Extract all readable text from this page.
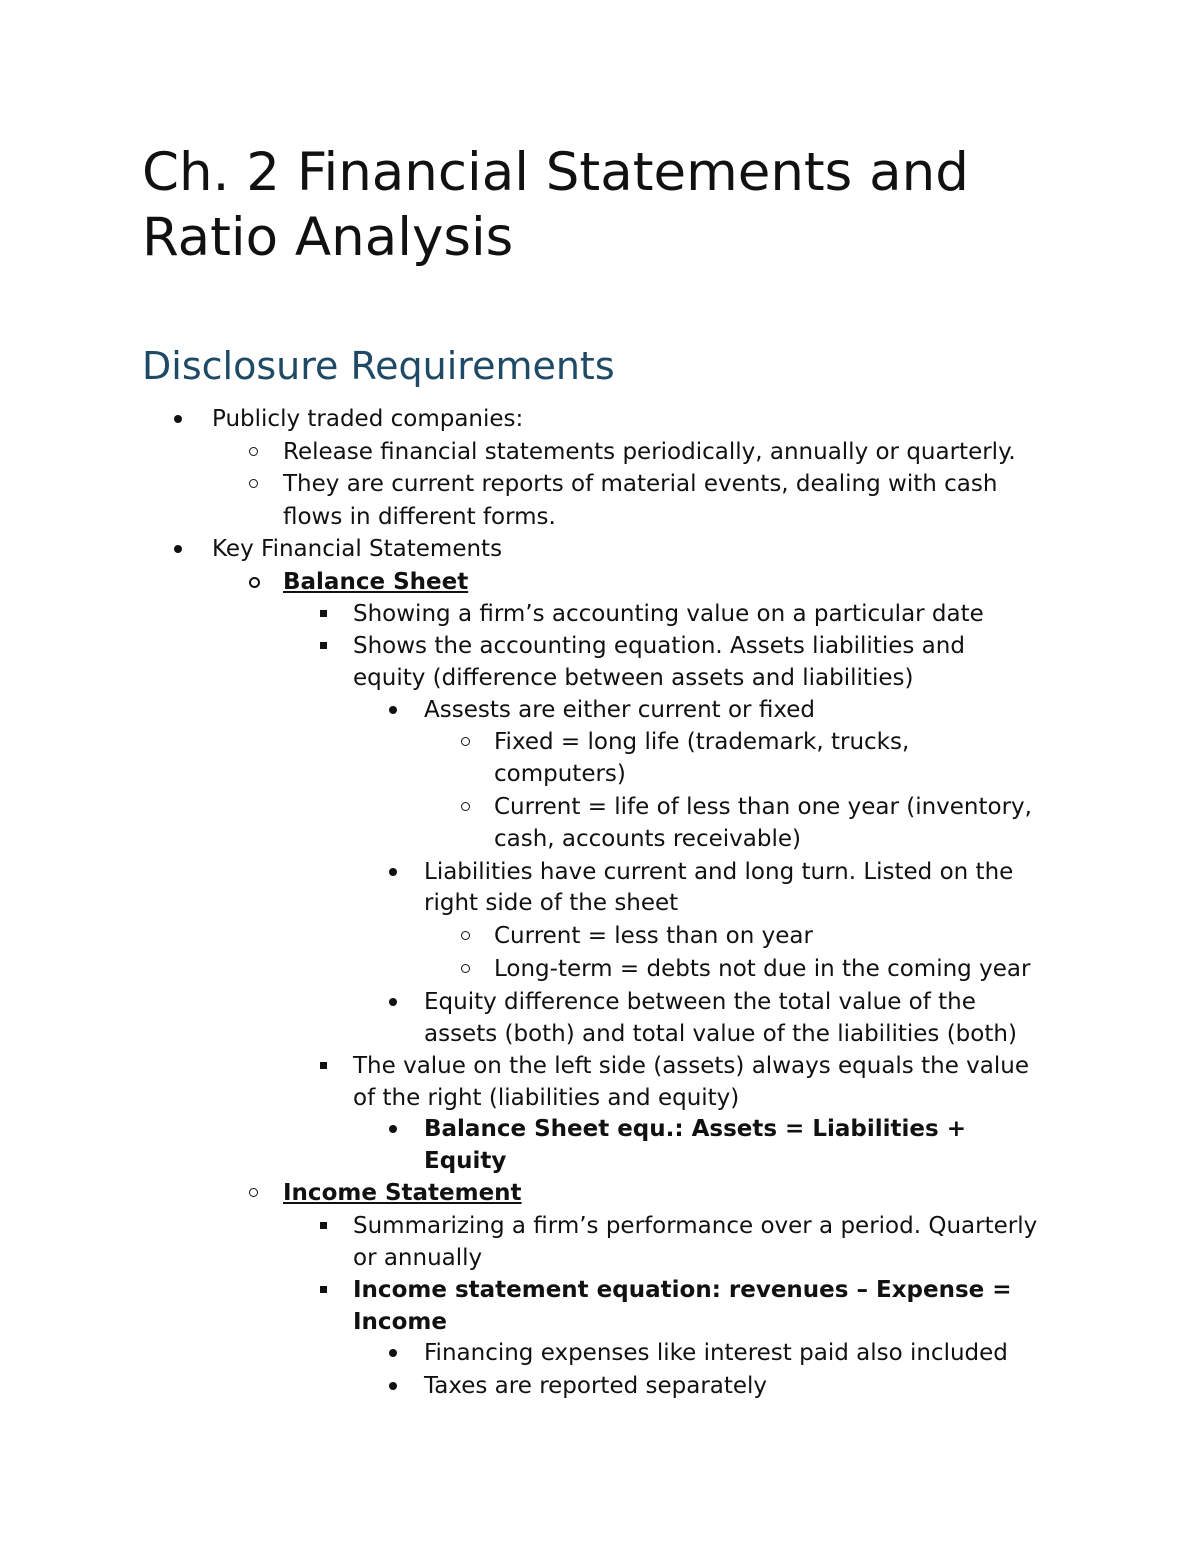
Ch. 2 Financial Statements and Ratio Analysis
Disclosure Requirements
Publicly traded companies:
Release financial statements periodically, annually or quarterly.
They are current reports of material events, dealing with cash
flows in different forms.
Key Financial Statements
Balance Sheet
Showing a firm’s accounting value on a particular date
Shows the accounting equation. Assets liabilities and
equity (difference between assets and liabilities)
Assests are either current or fixed
Fixed = long life (trademark, trucks,
computers)
Current = life of less than one year (inventory,
cash, accounts receivable)
Liabilities have current and long turn. Listed on the
right side of the sheet
Current = less than on year
Long-term = debts not due in the coming year
Equity difference between the total value of the
assets (both) and total value of the liabilities (both)
The value on the left side (assets) always equals the value
of the right (liabilities and equity)
Balance Sheet equ.: Assets = Liabilities +
Equity
Income Statement
Summarizing a firm’s performance over a period. Quarterly
or annually
Income statement equation: revenues – Expense =
Income
Financing expenses like interest paid also included
Taxes are reported separately
